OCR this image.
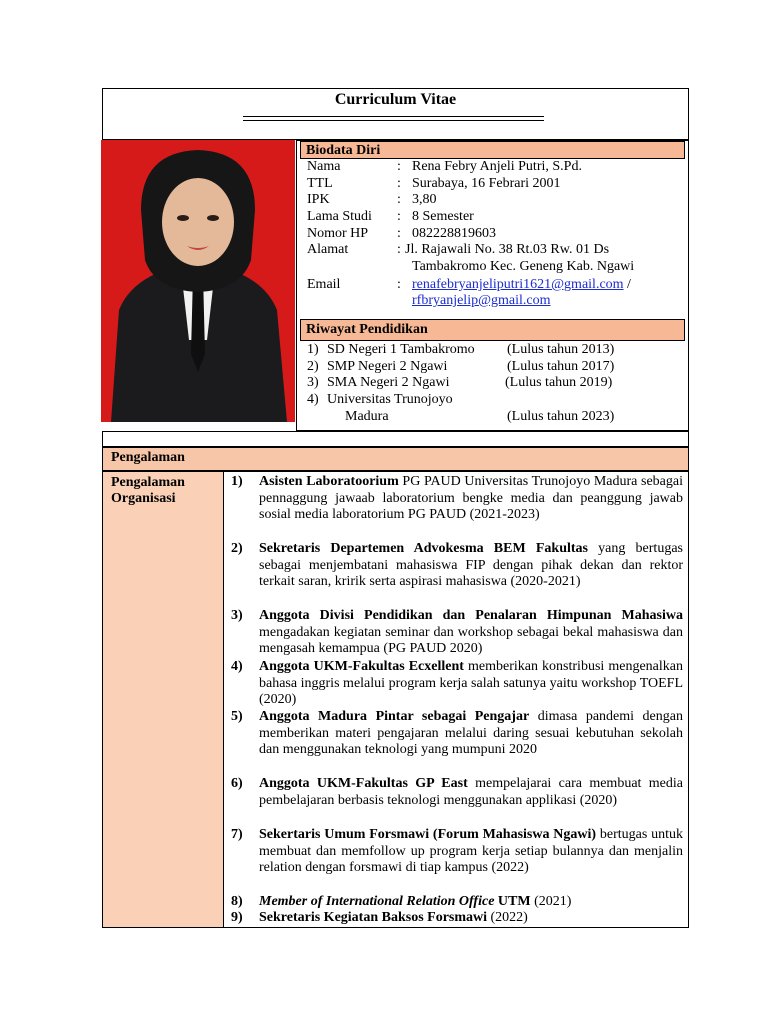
Curriculum Vitae
Biodata Diri
Nama	: Rena Febry Anjeli Putri, S.Pd.
TTL	: Surabaya, 16 Febrari 2001
IPK	: 3,80
Lama Studi : 8 Semester
Nomor HP : 082228819603
Alamat	: Jl. Rajawali No. 38 Rt.03 Rw. 01 Ds
Tambakromo Kec. Geneng Kab. Ngawi
Email	: renafebryanjeliputri1621@gmail.com /
rfbryanjelip@gmail.com
Riwayat Pendidikan
1) SD Negeri 1 Tambakromo (Lulus tahun 2013)
2) SMP Negeri 2 Ngawi	(Lulus tahun 2017)
3) SMA Negeri 2 Ngawi	(Lulus tahun 2019)
4) Universitas Trunojoyo
Madura	(Lulus tahun 2023)
Pengalaman
Pengalaman Organisasi
1) Asisten Laboratoorium PG PAUD Universitas Trunojoyo Madura sebagai pennaggung jawaab laboratorium bengke media dan peanggung jawab sosial media laboratorium PG PAUD (2021-2023)
2) Sekretaris Departemen Advokesma BEM Fakultas yang bertugas sebagai menjembatani mahasiswa FIP dengan pihak dekan dan rektor terkait saran, kririk serta aspirasi mahasiswa (2020-2021)
3) Anggota Divisi Pendidikan dan Penalaran Himpunan Mahasiwa mengadakan kegiatan seminar dan workshop sebagai bekal mahasiswa dan mengasah kemampua (PG PAUD 2020)
4) Anggota UKM-Fakultas Ecxellent memberikan konstribusi mengenalkan bahasa inggris melalui program kerja salah satunya yaitu workshop TOEFL (2020)
5) Anggota Madura Pintar sebagai Pengajar dimasa pandemi dengan memberikan materi pengajaran melalui daring sesuai kebutuhan sekolah dan menggunakan teknologi yang mumpuni 2020
6) Anggota UKM-Fakultas GP East mempelajarai cara membuat media pembelajaran berbasis teknologi menggunakan applikasi (2020)
7) Sekertaris Umum Forsmawi (Forum Mahasiswa Ngawi) bertugas untuk membuat dan memfollow up program kerja setiap bulannya dan menjalin relation dengan forsmawi di tiap kampus (2022)
8) Member of International Relation Office UTM (2021)
9) Sekretaris Kegiatan Baksos Forsmawi (2022)
